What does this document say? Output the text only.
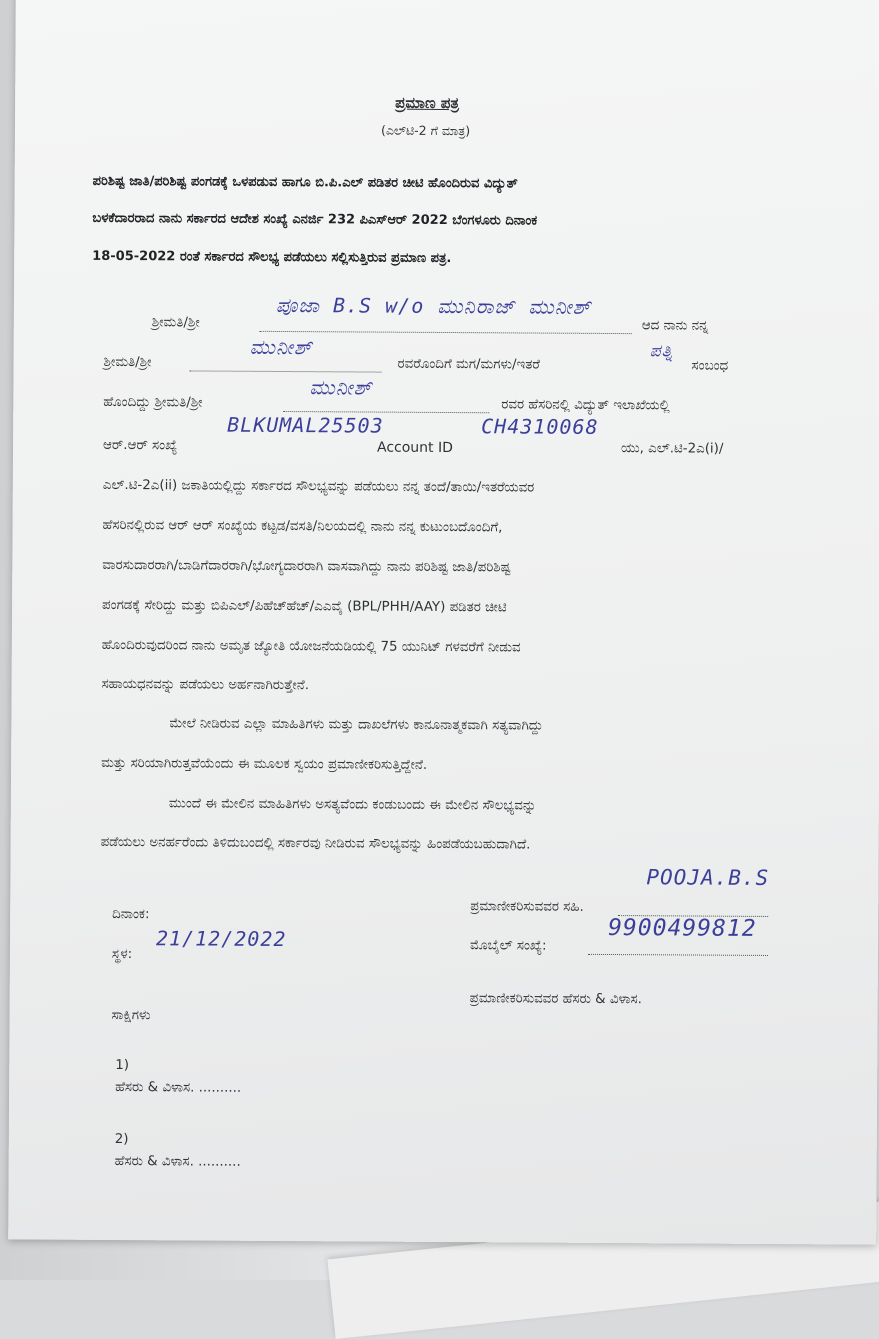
ಪ್ರಮಾಣ ಪತ್ರ
(ಎಲ್‌ಟಿ-2 ಗೆ ಮಾತ್ರ)
ಪರಿಶಿಷ್ಟ ಜಾತಿ/ಪರಿಶಿಷ್ಟ ಪಂಗಡಕ್ಕೆ ಒಳಪಡುವ ಹಾಗೂ ಬಿ.ಪಿ.ಎಲ್ ಪಡಿತರ ಚೀಟಿ ಹೊಂದಿರುವ ವಿದ್ಯುತ್
ಬಳಕೆದಾರರಾದ ನಾನು ಸರ್ಕಾರದ ಆದೇಶ ಸಂಖ್ಯೆ ಎನರ್ಜಿ 232 ಪಿಎಸ್‌ಆರ್ 2022 ಬೆಂಗಳೂರು ದಿನಾಂಕ
18-05-2022 ರಂತೆ ಸರ್ಕಾರದ ಸೌಲಭ್ಯ ಪಡೆಯಲು ಸಲ್ಲಿಸುತ್ತಿರುವ ಪ್ರಮಾಣ ಪತ್ರ.
ಶ್ರೀಮತಿ/ಶ್ರೀ
ಪೂಜಾ B.S w/o ಮುನಿರಾಜ್ ಮುನೀಶ್
ಆದ ನಾನು ನನ್ನ
ಶ್ರೀಮತಿ/ಶ್ರೀ
ಮುನೀಶ್
ರವರೊಂದಿಗೆ ಮಗ/ಮಗಳು/ಇತರೆ
ಪತ್ನಿ
ಸಂಬಂಧ
ಹೊಂದಿದ್ದು ಶ್ರೀಮತಿ/ಶ್ರೀ
ಮುನೀಶ್
ರವರ ಹೆಸರಿನಲ್ಲಿ ವಿದ್ಯುತ್ ಇಲಾಖೆಯಲ್ಲಿ
ಆರ್.ಆರ್ ಸಂಖ್ಯೆ
BLKUMAL25503
Account ID
CH4310068
ಯು, ಎಲ್.ಟಿ-2ಎ(i)/
ಎಲ್.ಟಿ-2ಎ(ii) ಜಕಾತಿಯಲ್ಲಿದ್ದು ಸರ್ಕಾರದ ಸೌಲಭ್ಯವನ್ನು ಪಡೆಯಲು ನನ್ನ ತಂದೆ/ತಾಯಿ/ಇತರೆಯವರ
ಹೆಸರಿನಲ್ಲಿರುವ ಆರ್ ಆರ್ ಸಂಖ್ಯೆಯ ಕಟ್ಟಡ/ವಸತಿ/ನಿಲಯದಲ್ಲಿ ನಾನು ನನ್ನ ಕುಟುಂಬದೊಂದಿಗೆ,
ವಾರಸುದಾರರಾಗಿ/ಬಾಡಿಗೆದಾರರಾಗಿ/ಭೋಗ್ಯದಾರರಾಗಿ ವಾಸವಾಗಿದ್ದು ನಾನು ಪರಿಶಿಷ್ಟ ಜಾತಿ/ಪರಿಶಿಷ್ಟ
ಪಂಗಡಕ್ಕೆ ಸೇರಿದ್ದು ಮತ್ತು ಬಿಪಿಎಲ್/ಪಿಹೆಚ್‌ಹೆಚ್/ಎಎವೈ (BPL/PHH/AAY) ಪಡಿತರ ಚೀಟಿ
ಹೊಂದಿರುವುದರಿಂದ ನಾನು ಅಮೃತ ಜ್ಯೋತಿ ಯೋಜನೆಯಡಿಯಲ್ಲಿ 75 ಯುನಿಟ್ ಗಳವರೆಗೆ ನೀಡುವ
ಸಹಾಯಧನವನ್ನು ಪಡೆಯಲು ಅರ್ಹನಾಗಿರುತ್ತೇನೆ.
ಮೇಲೆ ನೀಡಿರುವ ಎಲ್ಲಾ ಮಾಹಿತಿಗಳು ಮತ್ತು ದಾಖಲೆಗಳು ಕಾನೂನಾತ್ಮಕವಾಗಿ ಸತ್ಯವಾಗಿದ್ದು
ಮತ್ತು ಸರಿಯಾಗಿರುತ್ತವೆಯೆಂದು ಈ ಮೂಲಕ ಸ್ವಯಂ ಪ್ರಮಾಣೀಕರಿಸುತ್ತಿದ್ದೇನೆ.
ಮುಂದೆ ಈ ಮೇಲಿನ ಮಾಹಿತಿಗಳು ಅಸತ್ಯವೆಂದು ಕಂಡುಬಂದು ಈ ಮೇಲಿನ ಸೌಲಭ್ಯವನ್ನು
ಪಡೆಯಲು ಅನರ್ಹರೆಂದು ತಿಳಿದುಬಂದಲ್ಲಿ ಸರ್ಕಾರವು ನೀಡಿರುವ ಸೌಲಭ್ಯವನ್ನು ಹಿಂಪಡೆಯಬಹುದಾಗಿದೆ.
POOJA.B.S
ಪ್ರಮಾಣೀಕರಿಸುವವರ ಸಹಿ.
ಮೊಬೈಲ್ ಸಂಖ್ಯೆ:
9900499812
ಪ್ರಮಾಣೀಕರಿಸುವವರ ಹೆಸರು & ವಿಳಾಸ.
ದಿನಾಂಕ:
ಸ್ಥಳ:
21/12/2022
ಸಾಕ್ಷಿಗಳು
1)
ಹೆಸರು & ವಿಳಾಸ. ..........
2)
ಹೆಸರು & ವಿಳಾಸ. ..........
